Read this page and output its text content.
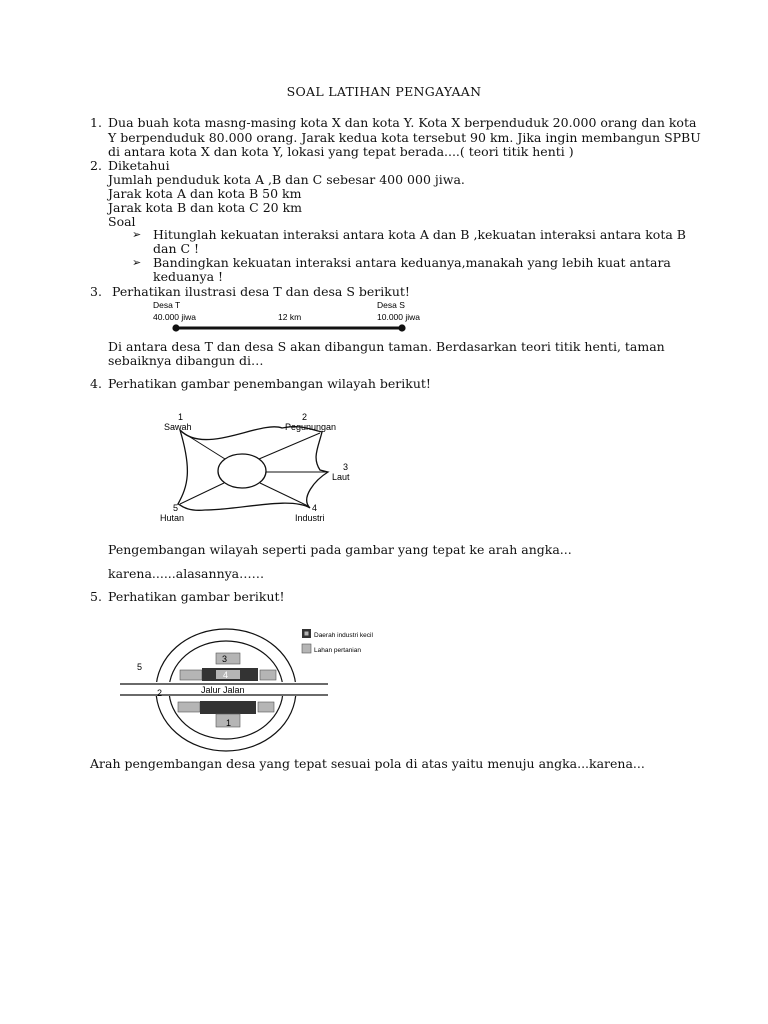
SOAL LATIHAN PENGAYAAN
1. Dua buah kota masng-masing kota X dan kota Y. Kota X berpenduduk 20.000 orang dan kota
Y berpenduduk 80.000 orang. Jarak kedua kota tersebut 90 km. Jika ingin membangun SPBU
di antara kota X dan kota Y, lokasi yang tepat berada....( teori titik henti )
2. Diketahui
Jumlah penduduk kota A ,B dan C sebesar 400 000 jiwa.
Jarak kota A dan kota B 50 km
Jarak kota B dan kota C 20 km
Soal
➢ Hitunglah kekuatan interaksi antara kota A dan B ,kekuatan interaksi antara kota B
dan C !
➢ Bandingkan kekuatan interaksi antara keduanya,manakah yang lebih kuat antara
keduanya !
3. Perhatikan ilustrasi desa T dan desa S berikut!
Desa T
40.000 jiwa	12 km
Desa S
10.000 jiwa
Di antara desa T dan desa S akan dibangun taman. Berdasarkan teori titik henti, taman
sebaiknya dibangun di…
4. Perhatikan gambar penembangan wilayah berikut!
1
Sawah
2
Pegunungan
3
Laut
4
Industri
5
Hutan
Pengembangan wilayah seperti pada gambar yang tepat ke arah angka...
karena......alasannya……
5. Perhatikan gambar berikut!
3
4
Jalur Jalan
1
2
5
Daerah industri kecil
Lahan pertanian
Arah pengembangan desa yang tepat sesuai pola di atas yaitu menuju angka...karena...
